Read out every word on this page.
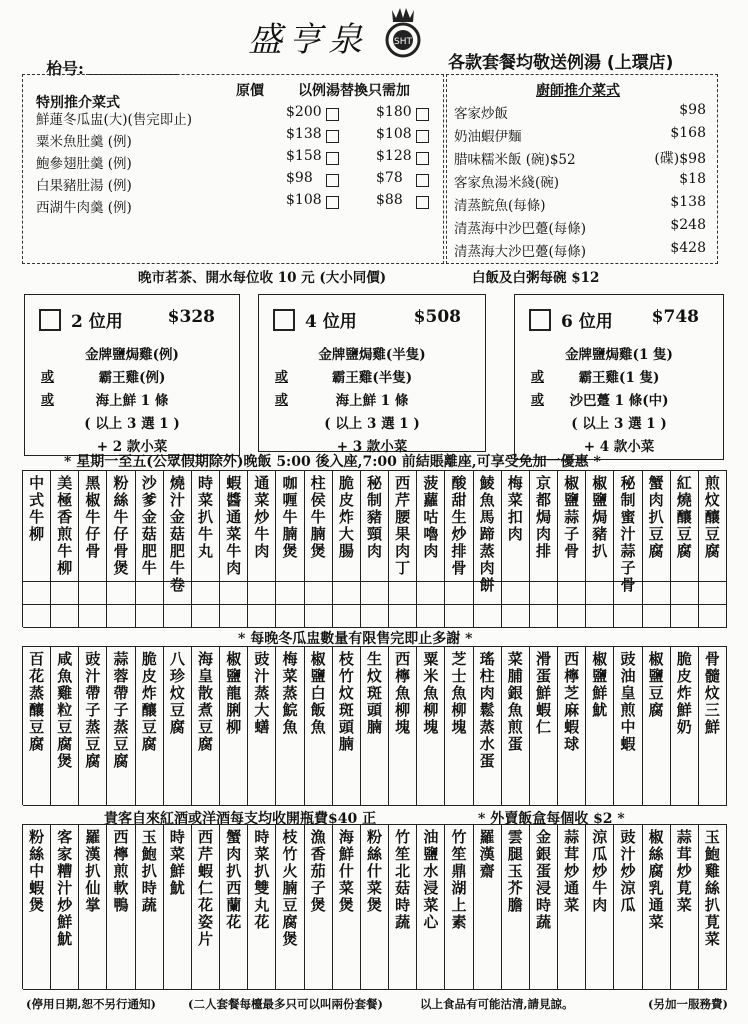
盛亨泉	SHT
各款套餐均敬送例湯 (上環店)
枱号:
特別推介菜式
原價 以例湯替換只需加
鮮蓮冬瓜盅(大)(售完即止)	$200	$180
粟米魚肚羹 (例)	$138	$108
鮑參翅肚羹 (例)	$158	$128
白果豬肚湯 (例)	$98	$78
西湖牛肉羹 (例)	$108	$88
廚師推介菜式
客家炒飯	$98
奶油蝦伊麵	$168
腊味糯米飯 (碗)$52	(碟)$98
客家魚湯米綫(碗)	$18
清蒸鯇魚(每條)	$138
清蒸海中沙巴躉(每條)	$248
清蒸海大沙巴躉(每條)	$428
晚市茗茶、開水每位收 10 元 (大小同價)	白飯及白粥每碗 $12
2 位用	$328
金牌鹽焗雞(例)
霸王雞(例)
或
海上鮮 1 條
或
( 以上 3 選 1 )
+ 2 款小菜
4 位用	$508
金牌鹽焗雞(半隻)
霸王雞(半隻)
或
海上鮮 1 條
或
( 以上 3 選 1 )
+ 3 款小菜
6 位用 $748
金牌鹽焗雞(1 隻)
霸王雞(1 隻)
或
沙巴躉 1 條(中)
或
( 以上 3 選 1 )
+ 4 款小菜
* 星期一至五(公眾假期除外)晚飯 5:00 後入座,7:00 前結賬離座,可享受免加一優惠 *
中式牛柳 美極香煎牛柳 黑椒牛仔骨 粉絲牛仔骨煲 沙爹金菇肥牛 燒汁金菇肥牛卷 時菜扒牛丸 蝦醬通菜牛肉 通菜炒牛肉 咖喱牛腩煲 柱侯牛腩煲 脆皮炸大腸 秘制豬頸肉 西芹腰果肉丁 菠蘿咕嚕肉 酸甜生炒排骨 鯪魚馬蹄蒸肉餅 梅菜扣肉 京都焗肉排 椒鹽蒜子骨 椒鹽焗豬扒 秘制蜜汁蒜子骨 蟹肉扒豆腐 紅燒釀豆腐 煎炆釀豆腐
* 每晚冬瓜盅數量有限售完即止多謝 *
百花蒸釀豆腐 咸魚雞粒豆腐煲 豉汁帶子蒸豆腐 蒜蓉帶子蒸豆腐 脆皮炸釀豆腐 八珍炆豆腐 海皇散煮豆腐 椒鹽龍脷柳 豉汁蒸大蟮 梅菜蒸鯇魚 椒鹽白飯魚 枝竹炆斑頭腩 生炆斑頭腩 西檸魚柳塊 粟米魚柳塊 芝士魚柳塊 瑤柱肉鬆蒸水蛋 菜脯銀魚煎蛋 滑蛋鮮蝦仁 西檸芝麻蝦球 椒鹽鮮魷 豉油皇煎中蝦 椒鹽豆腐 脆皮炸鮮奶 骨髓炆三鮮
貴客自來紅酒或洋酒每支均收開瓶費$40 正	* 外賣飯盒每個收 $2 *
粉絲中蝦煲 客家糟汁炒鮮魷 羅漢扒仙掌 西檸煎軟鴨 玉鮑扒時蔬 時菜鮮魷 西芹蝦仁花姿片 蟹肉扒西蘭花 時菜扒雙丸花 枝竹火腩豆腐煲 漁香茄子煲 海鮮什菜煲 粉絲什菜煲 竹笙北菇時蔬 油鹽水浸菜心 竹笙鼎湖上素 羅漢齋 雲腿玉芥膽 金銀蛋浸時蔬 蒜茸炒通菜 涼瓜炒牛肉 豉汁炒涼瓜 椒絲腐乳通菜 蒜茸炒莧菜 玉鮑雞絲扒莧菜
(停用日期,恕不另行通知)	(二人套餐每檯最多只可以叫兩份套餐)	以上食品有可能沽清,請見諒。	(另加一服務費)
